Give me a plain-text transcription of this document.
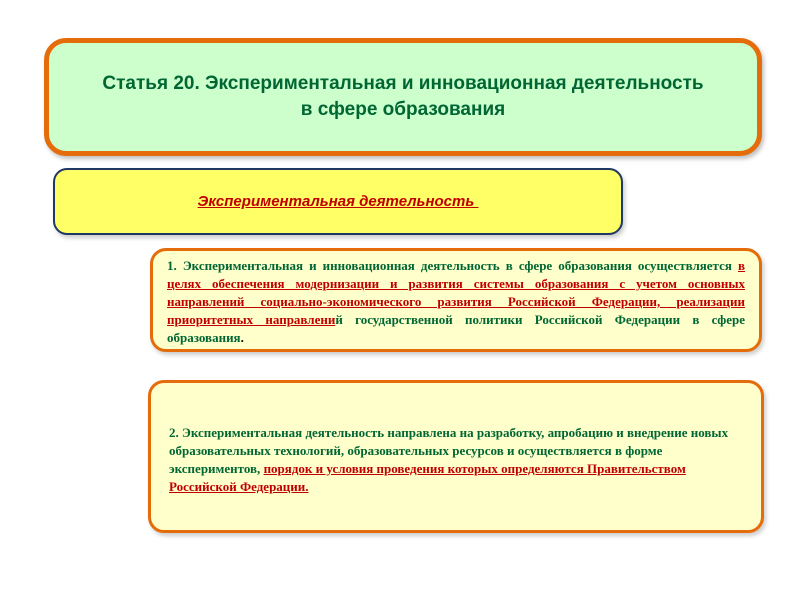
Статья 20. Экспериментальная и инновационная деятельность
в сфере образования
Экспериментальная деятельность
1. Экспериментальная и инновационная деятельность в сфере образования осуществляется в целях обеспечения модернизации и развития системы образования с учетом основных направлений социально-экономического развития Российской Федерации, реализации приоритетных направлений государственной политики Российской Федерации в сфере образования.
2. Экспериментальная деятельность направлена на разработку, апробацию и внедрение новых образовательных технологий, образовательных ресурсов и осуществляется в форме экспериментов, порядок и условия проведения которых определяются Правительством Российской Федерации.
